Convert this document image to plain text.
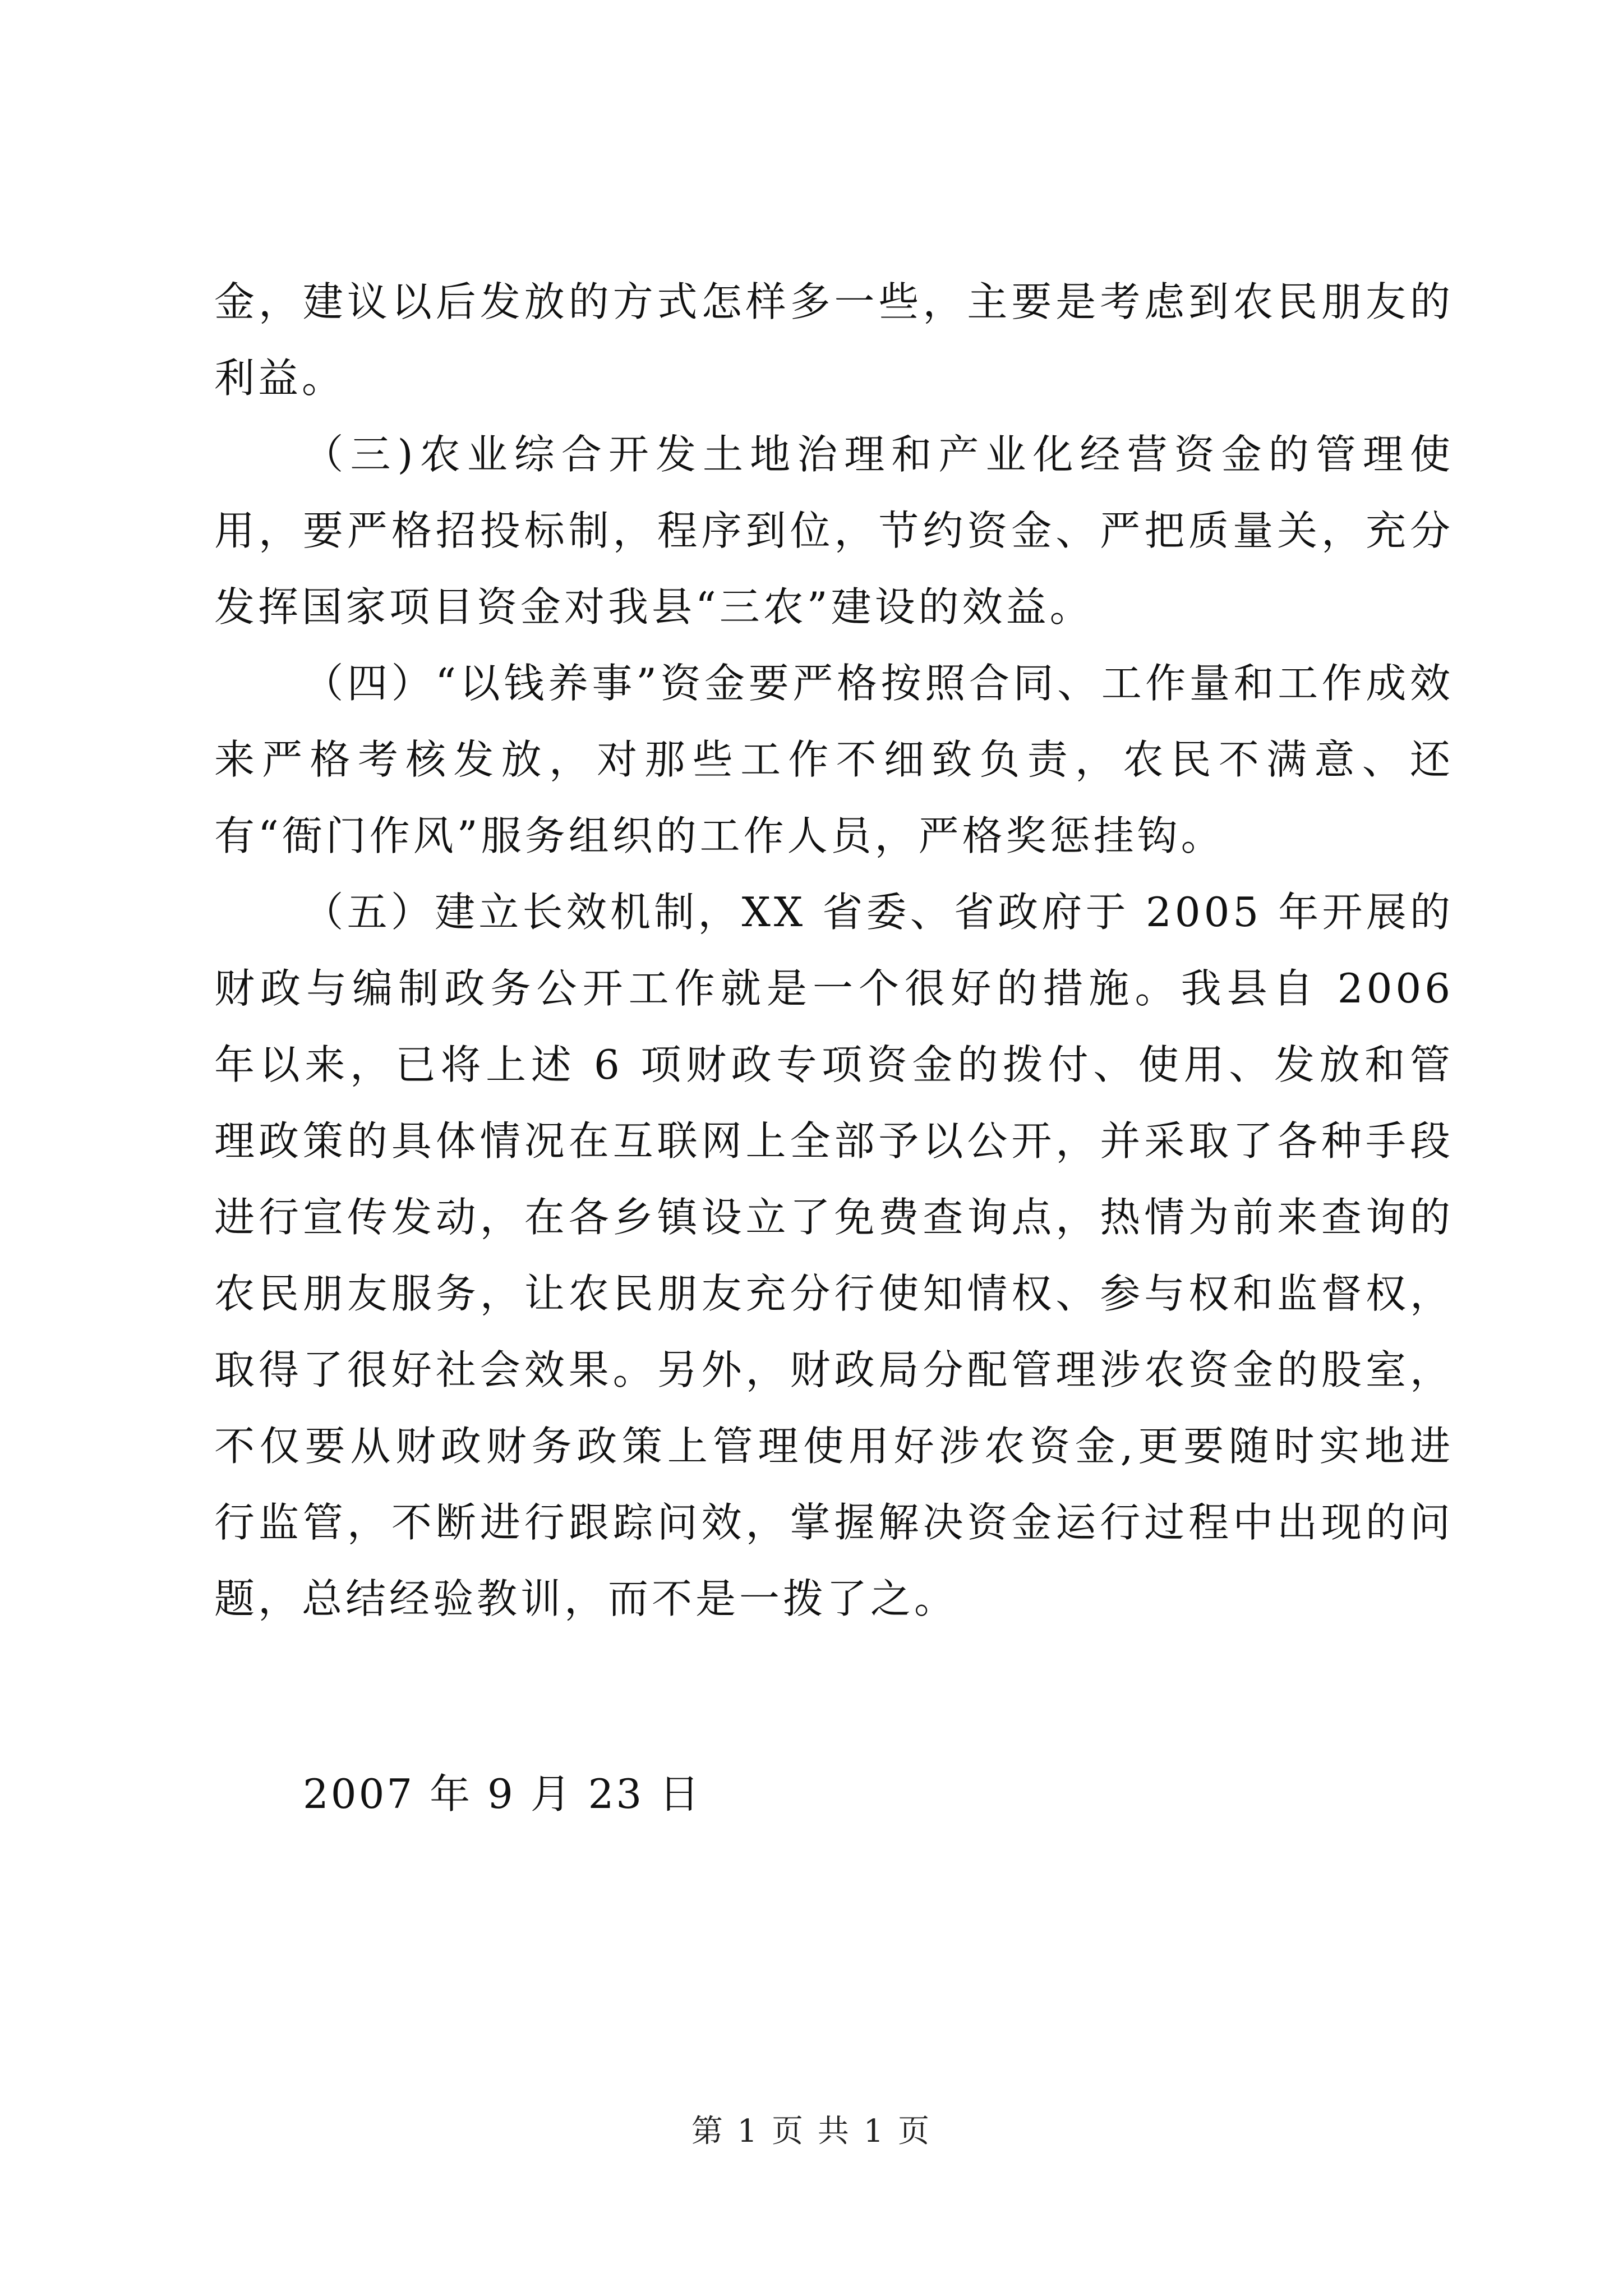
金，建议以后发放的方式怎样多一些，主要是考虑到农民朋友的利益。

（三)农业综合开发土地治理和产业化经营资金的管理使用，要严格招投标制，程序到位，节约资金、严把质量关，充分发挥国家项目资金对我县“三农”建设的效益。

（四）“以钱养事”资金要严格按照合同、工作量和工作成效来严格考核发放，对那些工作不细致负责，农民不满意、还有“衙门作风”服务组织的工作人员，严格奖惩挂钩。

（五）建立长效机制，XX 省委、省政府于 2005 年开展的财政与编制政务公开工作就是一个很好的措施。我县自 2006 年以来，已将上述 6 项财政专项资金的拨付、使用、发放和管理政策的具体情况在互联网上全部予以公开，并采取了各种手段进行宣传发动，在各乡镇设立了免费查询点，热情为前来查询的农民朋友服务，让农民朋友充分行使知情权、参与权和监督权，取得了很好社会效果。另外，财政局分配管理涉农资金的股室，不仅要从财政财务政策上管理使用好涉农资金,更要随时实地进行监管，不断进行跟踪问效，掌握解决资金运行过程中出现的问题，总结经验教训，而不是一拨了之。

2007 年 9 月 23 日
第 1 页 共 1 页
